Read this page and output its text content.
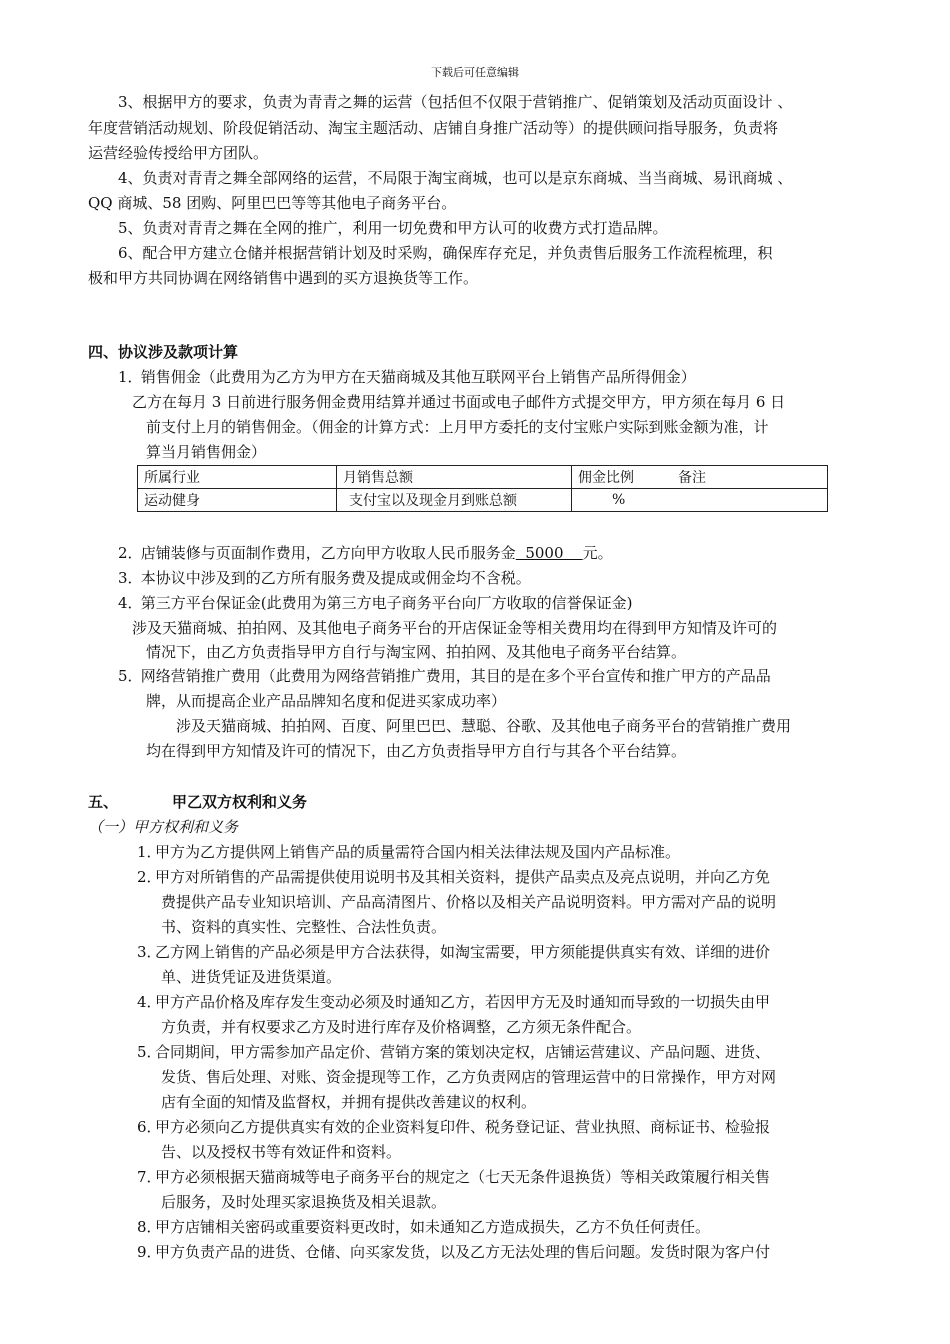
下载后可任意编辑
3、根据甲方的要求，负责为青青之舞的运营（包括但不仅限于营销推广、促销策划及活动页面设计 、
年度营销活动规划、阶段促销活动、淘宝主题活动、店铺自身推广活动等）的提供顾问指导服务，负责将
运营经验传授给甲方团队。
4、负责对青青之舞全部网络的运营，不局限于淘宝商城，也可以是京东商城、当当商城、易讯商城 、
QQ 商城、58 团购、阿里巴巴等等其他电子商务平台。
5、负责对青青之舞在全网的推广，利用一切免费和甲方认可的收费方式打造品牌。
6、配合甲方建立仓储并根据营销计划及时采购，确保库存充足，并负责售后服务工作流程梳理，积
极和甲方共同协调在网络销售中遇到的买方退换货等工作。
四、协议涉及款项计算
1． 销售佣金（此费用为乙方为甲方在天猫商城及其他互联网平台上销售产品所得佣金）
乙方在每月 3 日前进行服务佣金费用结算并通过书面或电子邮件方式提交甲方，甲方须在每月 6 日
前支付上月的销售佣金。（佣金的计算方式：上月甲方委托的支付宝账户实际到账金额为准，计
算当月销售佣金）
所属行业	月销售总额	佣金比例 备注
运动健身	支付宝以及现金月到账总额	%
2． 店铺装修与页面制作费用，乙方向甲方收取人民币服务金  5000    元。
3． 本协议中涉及到的乙方所有服务费及提成或佣金均不含税。
4． 第三方平台保证金(此费用为第三方电子商务平台向厂方收取的信誉保证金)
涉及天猫商城、拍拍网、及其他电子商务平台的开店保证金等相关费用均在得到甲方知情及许可的
情况下，由乙方负责指导甲方自行与淘宝网、拍拍网、及其他电子商务平台结算。
5． 网络营销推广费用（此费用为网络营销推广费用，其目的是在多个平台宣传和推广甲方的产品品
牌，从而提高企业产品品牌知名度和促进买家成功率）
涉及天猫商城、拍拍网、百度、阿里巴巴、慧聪、谷歌、及其他电子商务平台的营销推广费用
均在得到甲方知情及许可的情况下，由乙方负责指导甲方自行与其各个平台结算。
五、	甲乙双方权利和义务
（一）甲方权利和义务
1．甲方为乙方提供网上销售产品的质量需符合国内相关法律法规及国内产品标准。
2．甲方对所销售的产品需提供使用说明书及其相关资料，提供产品卖点及亮点说明，并向乙方免
费提供产品专业知识培训、产品高清图片、价格以及相关产品说明资料。甲方需对产品的说明
书、资料的真实性、完整性、合法性负责。
3．乙方网上销售的产品必须是甲方合法获得，如淘宝需要，甲方须能提供真实有效、详细的进价
单、进货凭证及进货渠道。
4．甲方产品价格及库存发生变动必须及时通知乙方，若因甲方无及时通知而导致的一切损失由甲
方负责，并有权要求乙方及时进行库存及价格调整，乙方须无条件配合。
5．合同期间，甲方需参加产品定价、营销方案的策划决定权，店铺运营建议、产品问题、进货、
发货、售后处理、对账、资金提现等工作，乙方负责网店的管理运营中的日常操作，甲方对网
店有全面的知情及监督权，并拥有提供改善建议的权利。
6．甲方必须向乙方提供真实有效的企业资料复印件、税务登记证、营业执照、商标证书、检验报
告、以及授权书等有效证件和资料。
7．甲方必须根据天猫商城等电子商务平台的规定之（七天无条件退换货）等相关政策履行相关售
后服务，及时处理买家退换货及相关退款。
8．甲方店铺相关密码或重要资料更改时，如未通知乙方造成损失，乙方不负任何责任。
9．甲方负责产品的进货、仓储、向买家发货，以及乙方无法处理的售后问题。发货时限为客户付
